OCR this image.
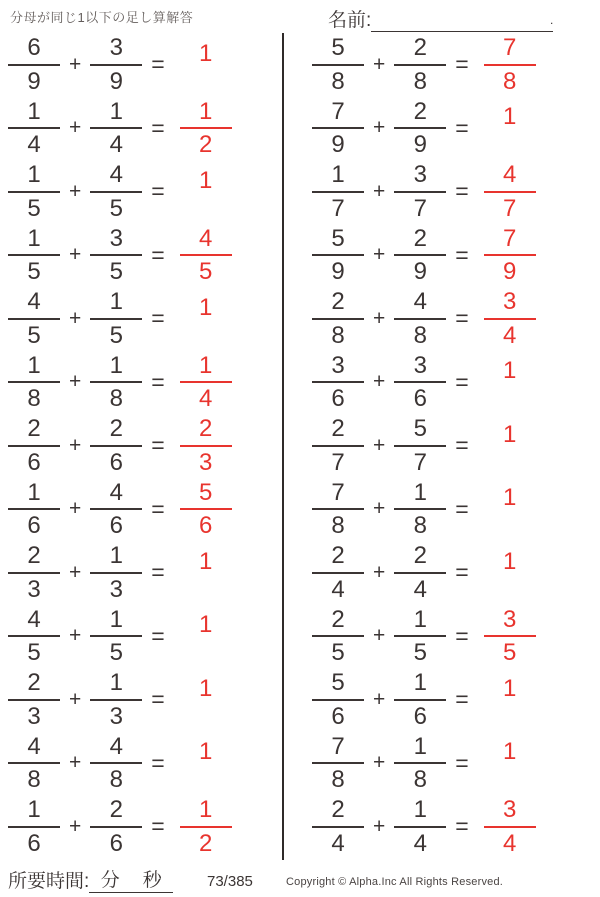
分母が同じ1以下の足し算解答	名前:	.
$\frac{6}{9} + \frac{3}{9}$ =	1
$\frac{1}{4} + \frac{1}{4} = \frac{1}{2}$
$\frac{1}{5} + \frac{4}{5}$ =	1
$\frac{1}{5} + \frac{3}{5} = \frac{4}{5}$
$\frac{4}{5} + \frac{1}{5}$ =	1
$\frac{1}{8} + \frac{1}{8} = \frac{1}{4}$
$\frac{2}{6} + \frac{2}{6} = \frac{2}{3}$
$\frac{1}{6} + \frac{4}{6} = \frac{5}{6}$
$\frac{2}{3} + \frac{1}{3}$ =	1
$\frac{4}{5} + \frac{1}{5}$ =	1
$\frac{2}{3} + \frac{1}{3}$ =	1
$\frac{4}{8} + \frac{4}{8}$ =	1
$\frac{1}{6} + \frac{2}{6} = \frac{1}{2}$
$\frac{5}{8} + \frac{2}{8} = \frac{7}{8}$
$\frac{7}{9} + \frac{2}{9}$ =	1
$\frac{1}{7} + \frac{3}{7} = \frac{4}{7}$
$\frac{5}{9} + \frac{2}{9} = \frac{7}{9}$
$\frac{2}{8} + \frac{4}{8} = \frac{3}{4}$
$\frac{3}{6} + \frac{3}{6}$ =	1
$\frac{2}{7} + \frac{5}{7}$ =	1
$\frac{7}{8} + \frac{1}{8}$ =	1
$\frac{2}{4} + \frac{2}{4}$ =	1
$\frac{2}{5} + \frac{1}{5} = \frac{3}{5}$
$\frac{5}{6} + \frac{1}{6}$ =	1
$\frac{7}{8} + \frac{1}{8}$ =	1
$\frac{2}{4} + \frac{1}{4} = \frac{3}{4}$
所要時間: 分 秒	73/385	Copyright © Alpha.Inc All Rights Reserved.
